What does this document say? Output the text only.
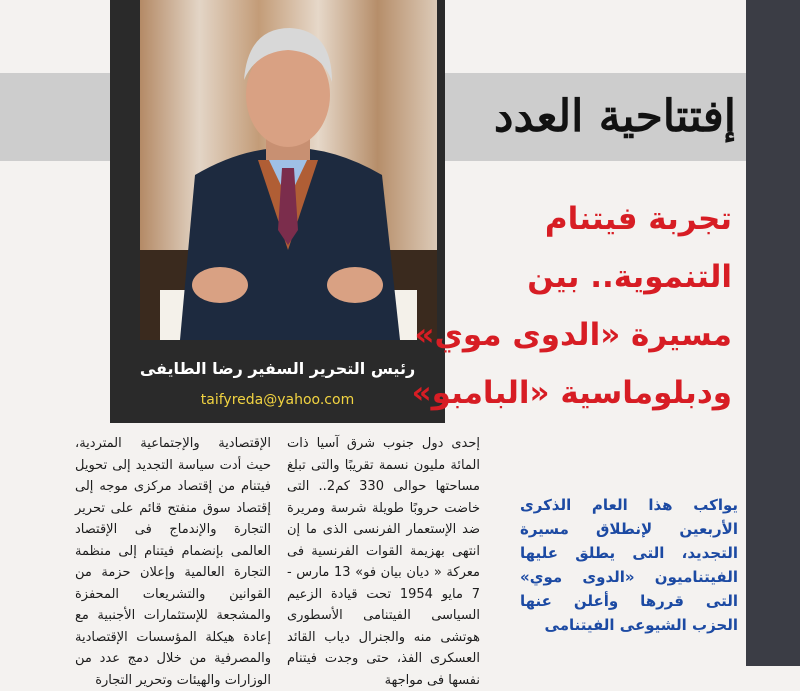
إفتتاحية العدد
رئيس التحرير السفير رضا الطايفى
taifyreda@yahoo.com
تجربة فيتنام
التنموية.. بين
مسيرة «الدوى موي»
ودبلوماسية «البامبو»
يواكب هذا العام الذكرى الأربعين لإنطلاق مسيرة التجديد، التى يطلق عليها الفيتناميون «الدوى موي» التى قررها وأعلن عنها الحزب الشيوعى الفيتنامى
إحدى دول جنوب شرق آسيا ذات المائة مليون نسمة تقريبًا والتى تبلغ مساحتها حوالى 330 كم2.. التى خاضت حروبًا طويلة شرسة ومريرة ضد الإستعمار الفرنسى الذى ما إن انتهى بهزيمة القوات الفرنسية فى معركة « ديان بيان فو» 13 مارس - 7 مايو 1954 تحت قيادة الزعيم السياسى الفيتنامى الأسطورى هوتشى منه والجنرال دياب القائد العسكرى الفذ، حتى وجدت فيتنام نفسها فى مواجهة
الإقتصادية والإجتماعية المتردية، حيث أدت سياسة التجديد إلى تحويل فيتنام من إقتصاد مركزى موجه إلى إقتصاد سوق منفتح قائم على تحرير التجارة والإندماج فى الإقتصاد العالمى بإنضمام فيتنام إلى منظمة التجارة العالمية وإعلان حزمة من القوانين والتشريعات المحفزة والمشجعة للإستثمارات الأجنبية مع إعادة هيكلة المؤسسات الإقتصادية والمصرفية من خلال دمج عدد من الوزارات والهيئات وتحرير التجارة
